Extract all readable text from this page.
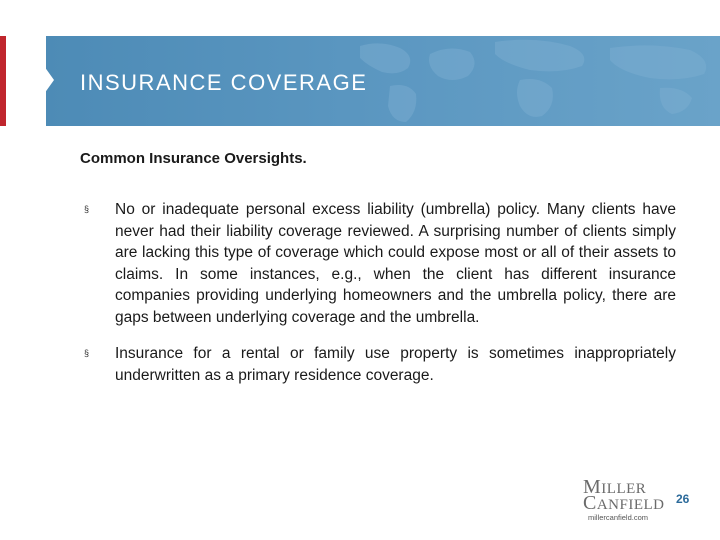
INSURANCE COVERAGE
Common Insurance Oversights.
§	No or inadequate personal excess liability (umbrella) policy. Many clients have never had their liability coverage reviewed. A surprising number of clients simply are lacking this type of coverage which could expose most or all of their assets to claims. In some instances, e.g., when the client has different insurance companies providing underlying homeowners and the umbrella policy, there are gaps between underlying coverage and the umbrella.
§	Insurance for a rental or family use property is sometimes inappropriately underwritten as a primary residence coverage.
MILLER
CANFIELD
millercanfield.com
26
